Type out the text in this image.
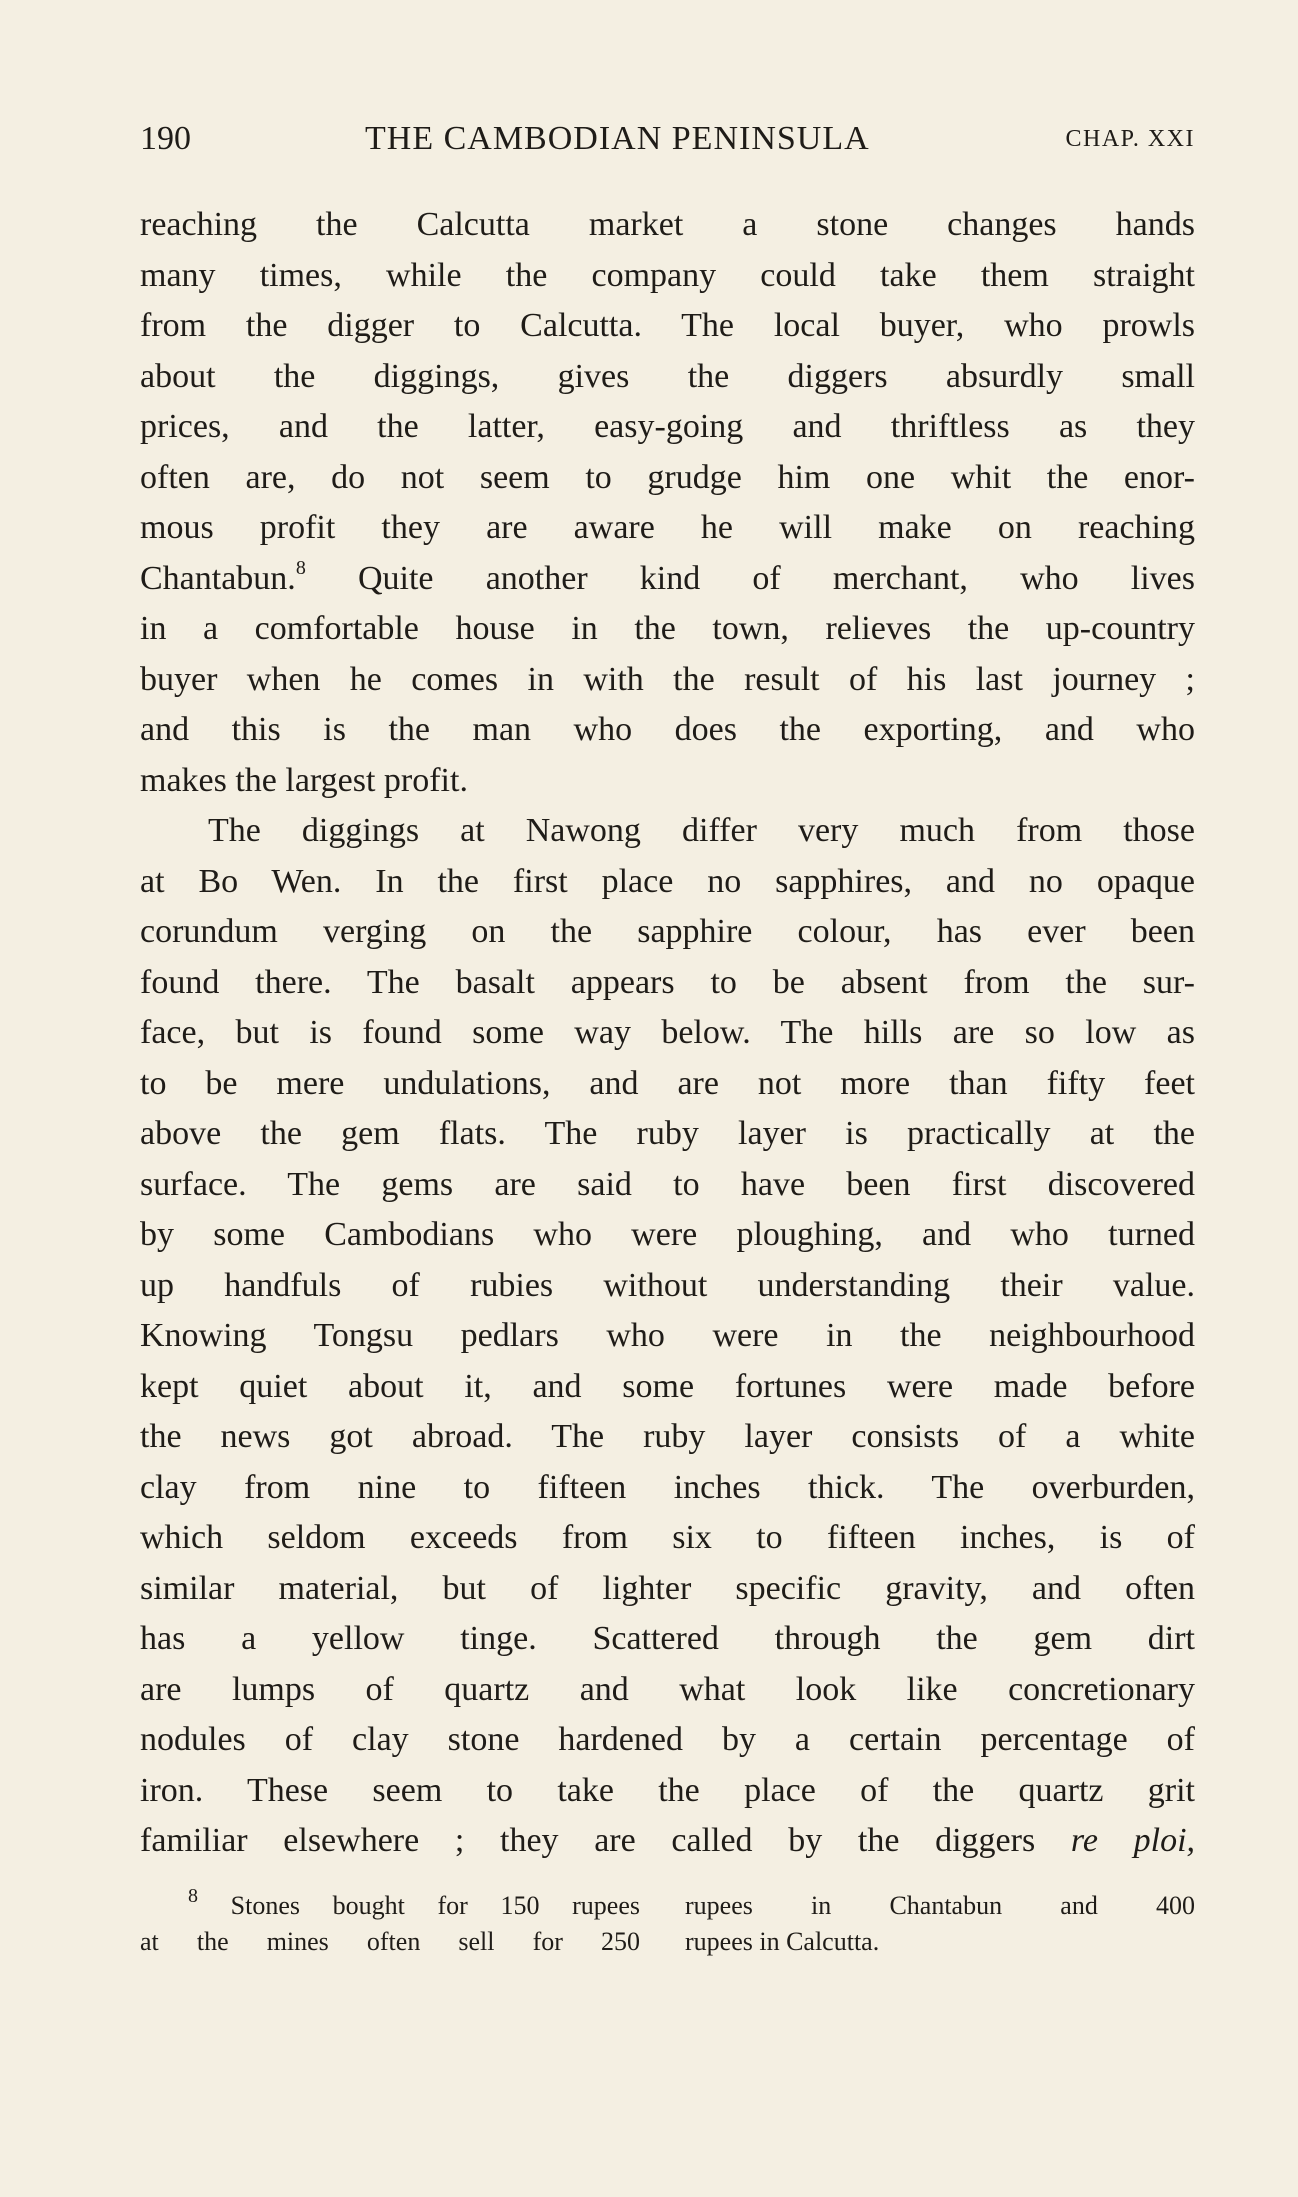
190	THE CAMBODIAN PENINSULA	CHAP. XXI
reaching the Calcutta market a stone changes hands
many times, while the company could take them straight
from the digger to Calcutta. The local buyer, who prowls
about the diggings, gives the diggers absurdly small
prices, and the latter, easy-going and thriftless as they
often are, do not seem to grudge him one whit the enor-
mous profit they are aware he will make on reaching
Chantabun.$^8$ Quite another kind of merchant, who lives
in a comfortable house in the town, relieves the up-country
buyer when he comes in with the result of his last journey ;
and this is the man who does the exporting, and who
makes the largest profit.
The diggings at Nawong differ very much from those
at Bo Wen. In the first place no sapphires, and no opaque
corundum verging on the sapphire colour, has ever been
found there. The basalt appears to be absent from the sur-
face, but is found some way below. The hills are so low as
to be mere undulations, and are not more than fifty feet
above the gem flats. The ruby layer is practically at the
surface. The gems are said to have been first discovered
by some Cambodians who were ploughing, and who turned
up handfuls of rubies without understanding their value.
Knowing Tongsu pedlars who were in the neighbourhood
kept quiet about it, and some fortunes were made before
the news got abroad. The ruby layer consists of a white
clay from nine to fifteen inches thick. The overburden,
which seldom exceeds from six to fifteen inches, is of
similar material, but of lighter specific gravity, and often
has a yellow tinge. Scattered through the gem dirt
are lumps of quartz and what look like concretionary
nodules of clay stone hardened by a certain percentage of
iron. These seem to take the place of the quartz grit
familiar elsewhere ; they are called by the diggers re ploi,
$^8$ Stones bought for 150 rupees
at the mines often sell for 250
rupees in Chantabun and 400
rupees in Calcutta.
